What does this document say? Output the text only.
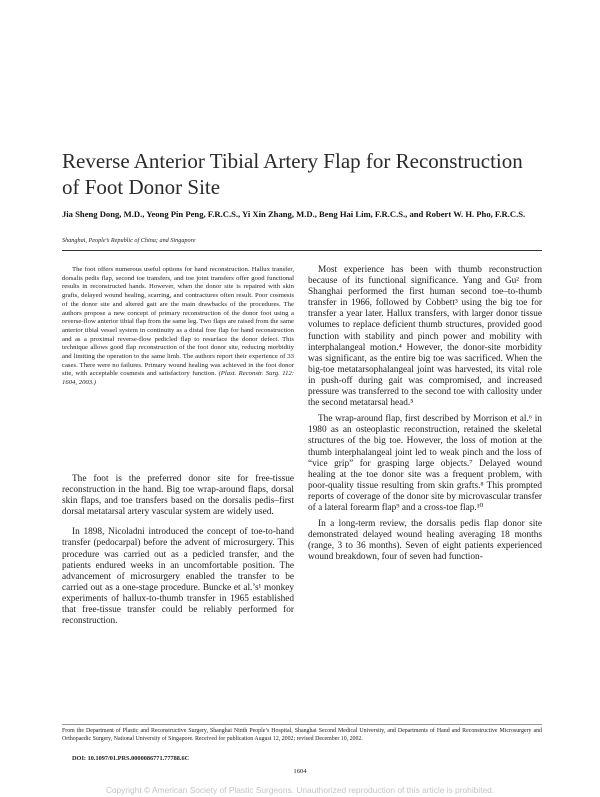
Reverse Anterior Tibial Artery Flap for Reconstruction of Foot Donor Site
Jia Sheng Dong, M.D., Yeong Pin Peng, F.R.C.S., Yi Xin Zhang, M.D., Beng Hai Lim, F.R.C.S., and Robert W. H. Pho, F.R.C.S.
Shanghai, People’s Republic of China; and Singapore

The foot offers numerous useful options for hand reconstruction. Hallux transfer, dorsalis pedis flap, second toe transfers, and toe joint transfers offer good functional results in reconstructed hands. However, when the donor site is repaired with skin grafts, delayed wound healing, scarring, and contractures often result. Poor cosmesis of the donor site and altered gait are the main drawbacks of the procedures. The authors propose a new concept of primary reconstruction of the donor foot using a reverse-flow anterior tibial flap from the same leg. Two flaps are raised from the same anterior tibial vessel system in continuity as a distal free flap for hand reconstruction and as a proximal reverse-flow pedicled flap to resurface the donor defect. This technique allows good flap reconstruction of the foot donor site, reducing morbidity and limiting the operation to the same limb. The authors report their experience of 33 cases. There were no failures. Primary wound healing was achieved in the foot donor site, with acceptable cosmesis and satisfactory function. (Plast. Reconstr. Surg. 112: 1604, 2003.)

The foot is the preferred donor site for free-tissue reconstruction in the hand. Big toe wrap-around flaps, dorsal skin flaps, and toe transfers based on the dorsalis pedis–first dorsal metatarsal artery vascular system are widely used.

In 1898, Nicoladni introduced the concept of toe-to-hand transfer (pedocarpal) before the advent of microsurgery. This procedure was carried out as a pedicled transfer, and the patients endured weeks in an uncomfortable position. The advancement of microsurgery enabled the transfer to be carried out as a one-stage procedure. Buncke et al.’s¹ monkey experiments of hallux-to-thumb transfer in 1965 established that free-tissue transfer could be reliably performed for reconstruction.

Most experience has been with thumb reconstruction because of its functional significance. Yang and Gu² from Shanghai performed the first human second toe–to-thumb transfer in 1966, followed by Cobbett³ using the big toe for transfer a year later. Hallux transfers, with larger donor tissue volumes to replace deficient thumb structures, provided good function with stability and pinch power and mobility with interphalangeal motion.⁴ However, the donor-site morbidity was significant, as the entire big toe was sacrificed. When the big-toe metatarsophalangeal joint was harvested, its vital role in push-off during gait was compromised, and increased pressure was transferred to the second toe with callosity under the second metatarsal head.⁵

The wrap-around flap, first described by Morrison et al.⁶ in 1980 as an osteoplastic reconstruction, retained the skeletal structures of the big toe. However, the loss of motion at the thumb interphalangeal joint led to weak pinch and the loss of “vice grip” for grasping large objects.⁷ Delayed wound healing at the toe donor site was a frequent problem, with poor-quality tissue resulting from skin grafts.⁸ This prompted reports of coverage of the donor site by microvascular transfer of a lateral forearm flap⁹ and a cross-toe flap.¹⁰

In a long-term review, the dorsalis pedis flap donor site demonstrated delayed wound healing averaging 18 months (range, 3 to 36 months). Seven of eight patients experienced wound breakdown, four of seven had function-

From the Department of Plastic and Reconstructive Surgery, Shanghai Ninth People’s Hospital, Shanghai Second Medical University, and Departments of Hand and Reconstructive Microsurgery and Orthopaedic Surgery, National University of Singapore. Received for publication August 12, 2002; revised December 10, 2002.
DOI: 10.1097/01.PRS.0000086771.77788.6C
1604
Copyright © American Society of Plastic Surgeons. Unauthorized reproduction of this article is prohibited.
